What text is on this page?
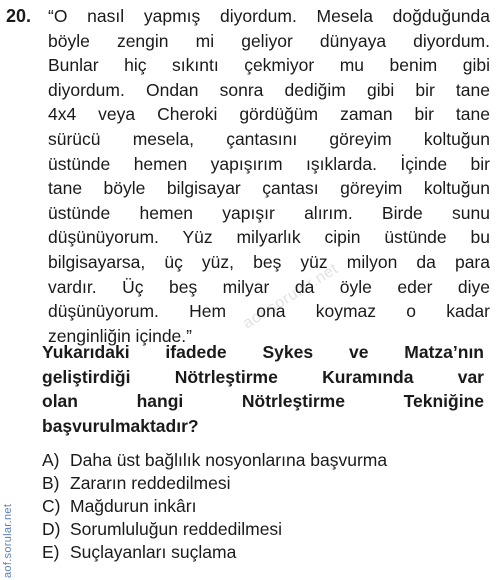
aof.sorular.net
aof.sorular.net
20. “O nasıl yapmış diyordum. Mesela doğduğunda
böyle zengin mi geliyor dünyaya diyordum.
Bunlar hiç sıkıntı çekmiyor mu benim gibi
diyordum. Ondan sonra dediğim gibi bir tane
4x4 veya Cheroki gördüğüm zaman bir tane
sürücü mesela, çantasını göreyim koltuğun
üstünde hemen yapışırım ışıklarda. İçinde bir
tane böyle bilgisayar çantası göreyim koltuğun
üstünde hemen yapışır alırım. Birde sunu
düşünüyorum. Yüz milyarlık cipin üstünde bu
bilgisayarsa, üç yüz, beş yüz milyon da para
vardır. Üç beş milyar da öyle eder diye
düşünüyorum. Hem ona koymaz o kadar
zenginliğin içinde.”
Yukarıdaki ifadede Sykes ve Matza’nın
geliştirdiği Nötrleştirme Kuramında var
olan hangi Nötrleştirme Tekniğine
başvurulmaktadır?
A) Daha üst bağlılık nosyonlarına başvurma
B) Zararın reddedilmesi
C) Mağdurun inkârı
D) Sorumluluğun reddedilmesi
E) Suçlayanları suçlama
